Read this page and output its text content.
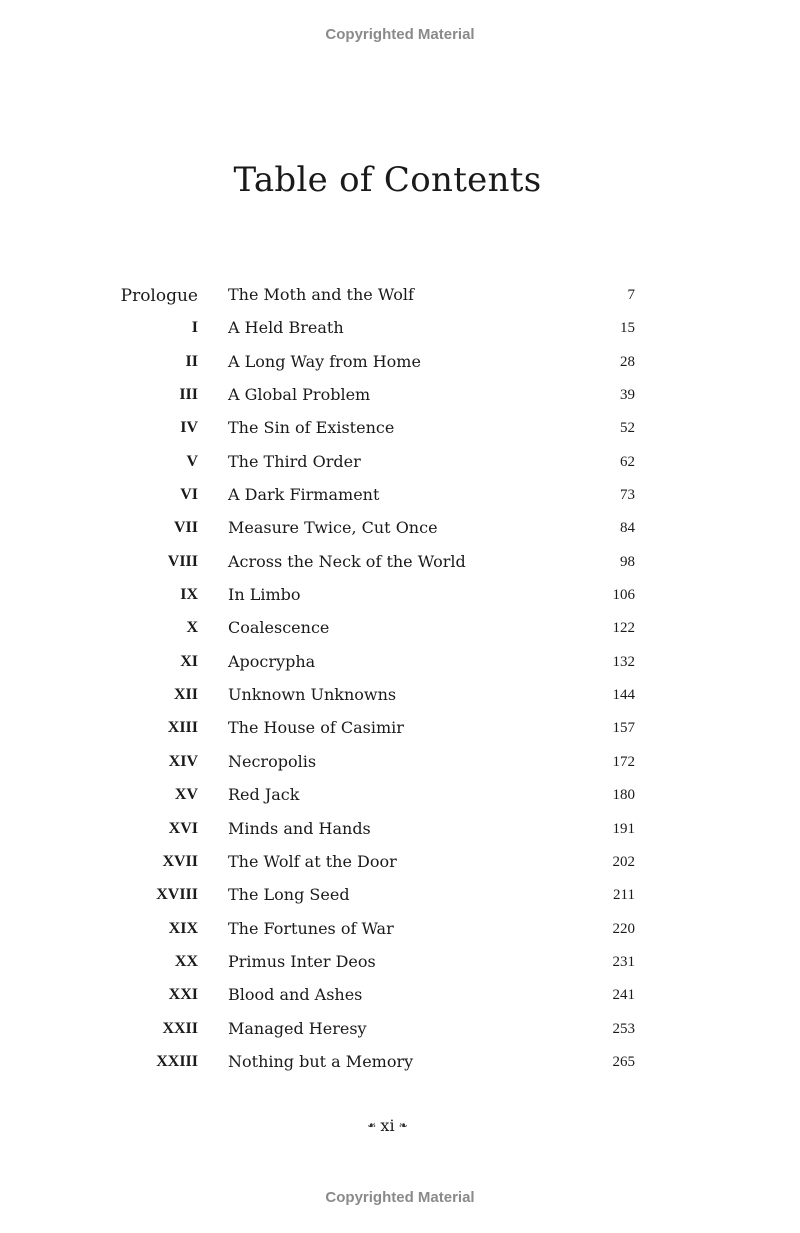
Copyrighted Material
Table of Contents
Prologue The Moth and the Wolf	7
I A Held Breath	15
II A Long Way from Home	28
III A Global Problem	39
IV The Sin of Existence	52
V The Third Order	62
VI A Dark Firmament	73
VII Measure Twice, Cut Once	84
VIII Across the Neck of the World	98
IX In Limbo	106
X Coalescence	122
XI Apocrypha	132
XII Unknown Unknowns	144
XIII The House of Casimir	157
XIV Necropolis	172
XV Red Jack	180
XVI Minds and Hands	191
XVII The Wolf at the Door	202
XVIII The Long Seed	211
XIX The Fortunes of War	220
XX Primus Inter Deos	231
XXI Blood and Ashes	241
XXII Managed Heresy	253
XXIII Nothing but a Memory	265
❧ xi ❧
Copyrighted Material
